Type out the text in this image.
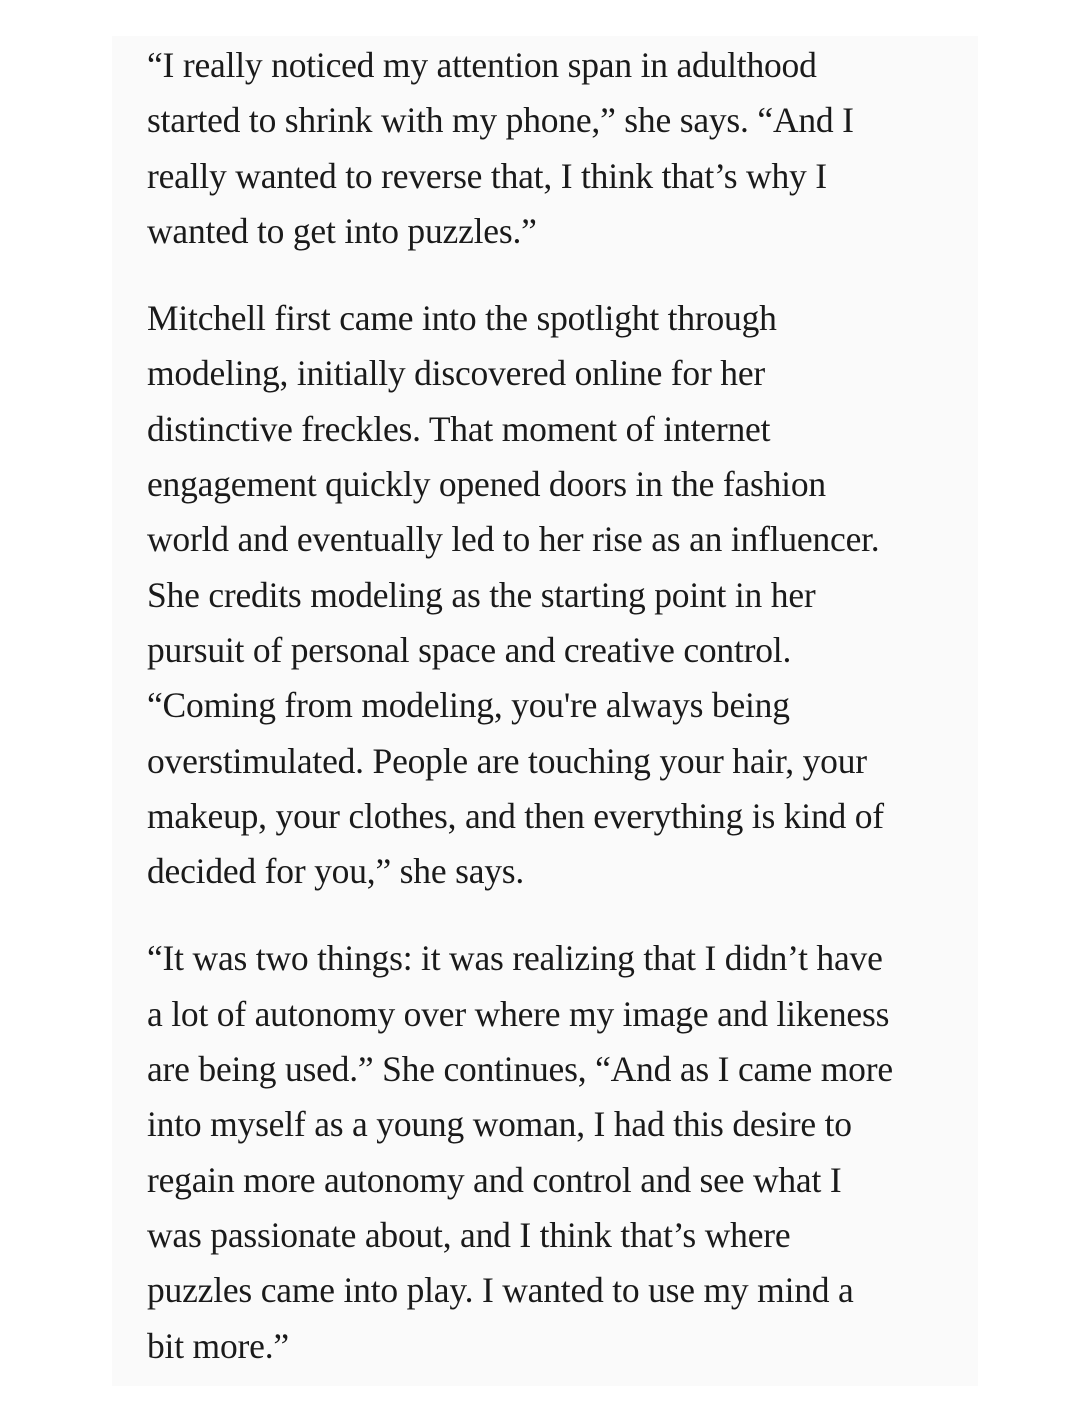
“I really noticed my attention span in adulthood
started to shrink with my phone,” she says. “And I
really wanted to reverse that, I think that’s why I
wanted to get into puzzles.”

Mitchell first came into the spotlight through
modeling, initially discovered online for her
distinctive freckles. That moment of internet
engagement quickly opened doors in the fashion
world and eventually led to her rise as an influencer.
She credits modeling as the starting point in her
pursuit of personal space and creative control.
“Coming from modeling, you're always being
overstimulated. People are touching your hair, your
makeup, your clothes, and then everything is kind of
decided for you,” she says.

“It was two things: it was realizing that I didn’t have
a lot of autonomy over where my image and likeness
are being used.” She continues, “And as I came more
into myself as a young woman, I had this desire to
regain more autonomy and control and see what I
was passionate about, and I think that’s where
puzzles came into play. I wanted to use my mind a
bit more.”
